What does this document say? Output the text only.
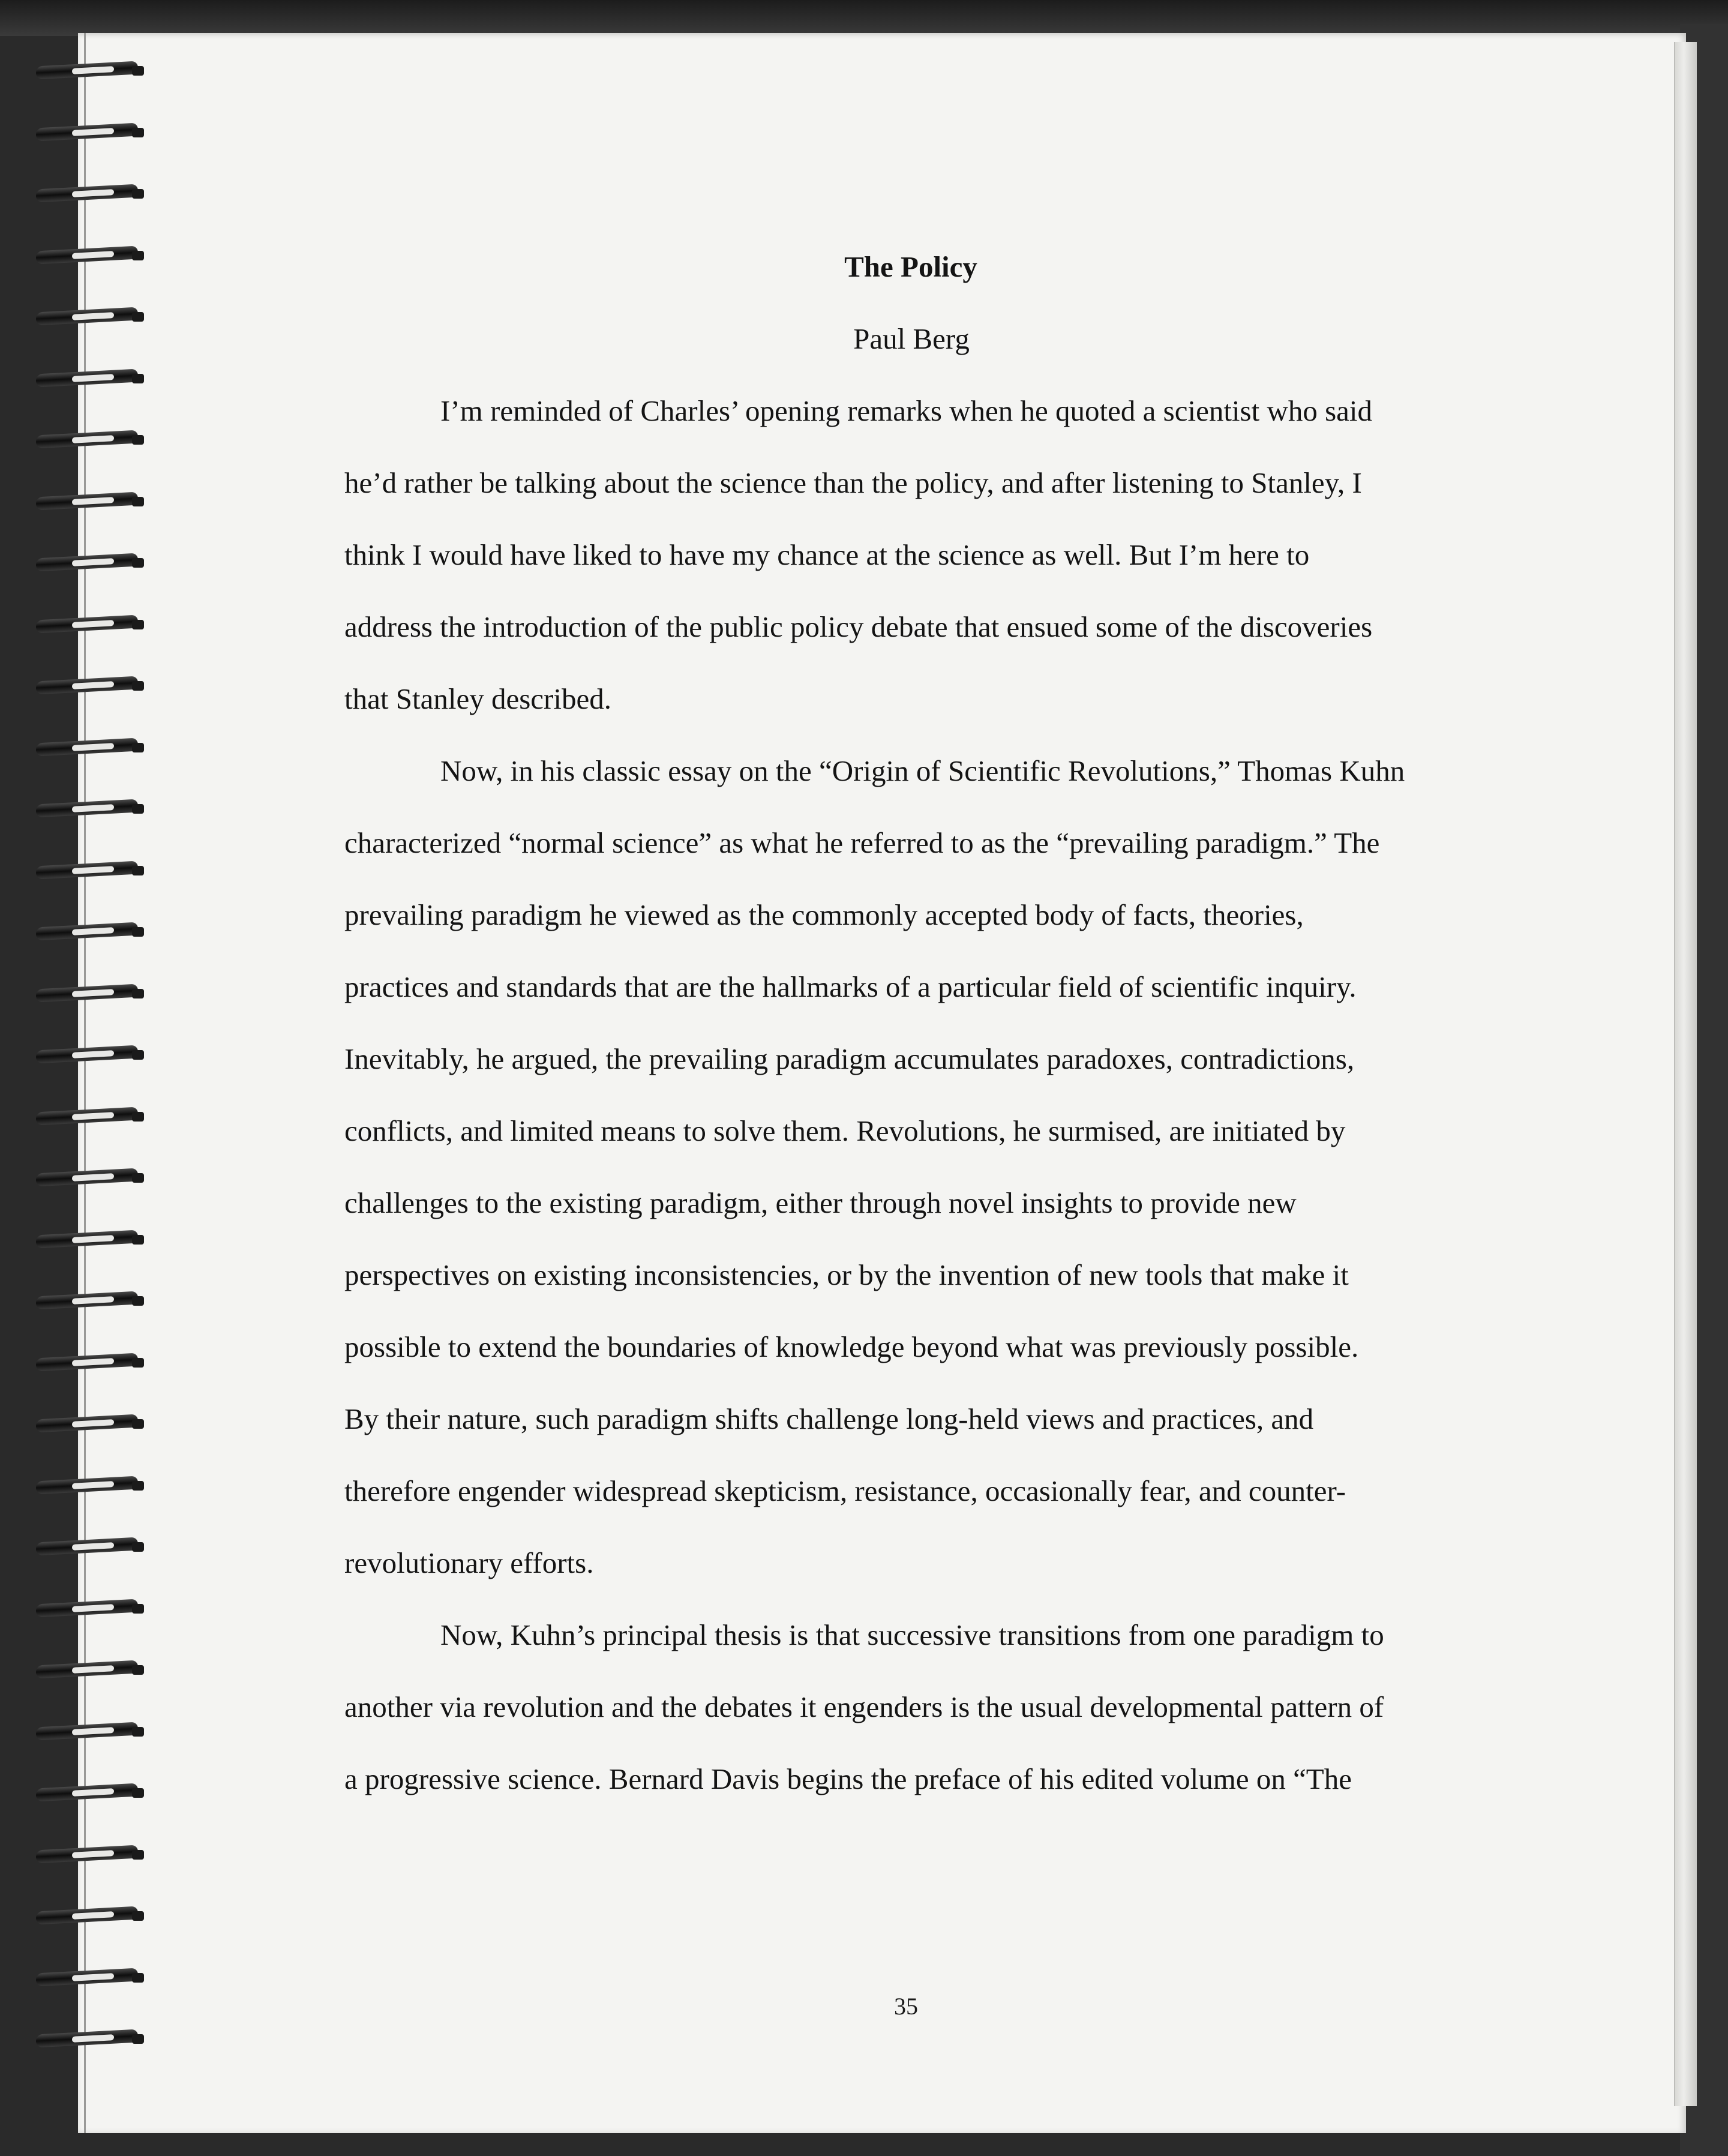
The Policy
Paul Berg
I’m reminded of Charles’ opening remarks when he quoted a scientist who said
he’d rather be talking about the science than the policy, and after listening to Stanley, I
think I would have liked to have my chance at the science as well. But I’m here to
address the introduction of the public policy debate that ensued some of the discoveries
that Stanley described.
Now, in his classic essay on the “Origin of Scientific Revolutions,” Thomas Kuhn
characterized “normal science” as what he referred to as the “prevailing paradigm.” The
prevailing paradigm he viewed as the commonly accepted body of facts, theories,
practices and standards that are the hallmarks of a particular field of scientific inquiry.
Inevitably, he argued, the prevailing paradigm accumulates paradoxes, contradictions,
conflicts, and limited means to solve them. Revolutions, he surmised, are initiated by
challenges to the existing paradigm, either through novel insights to provide new
perspectives on existing inconsistencies, or by the invention of new tools that make it
possible to extend the boundaries of knowledge beyond what was previously possible.
By their nature, such paradigm shifts challenge long-held views and practices, and
therefore engender widespread skepticism, resistance, occasionally fear, and counter-
revolutionary efforts.
Now, Kuhn’s principal thesis is that successive transitions from one paradigm to
another via revolution and the debates it engenders is the usual developmental pattern of
a progressive science. Bernard Davis begins the preface of his edited volume on “The
35
